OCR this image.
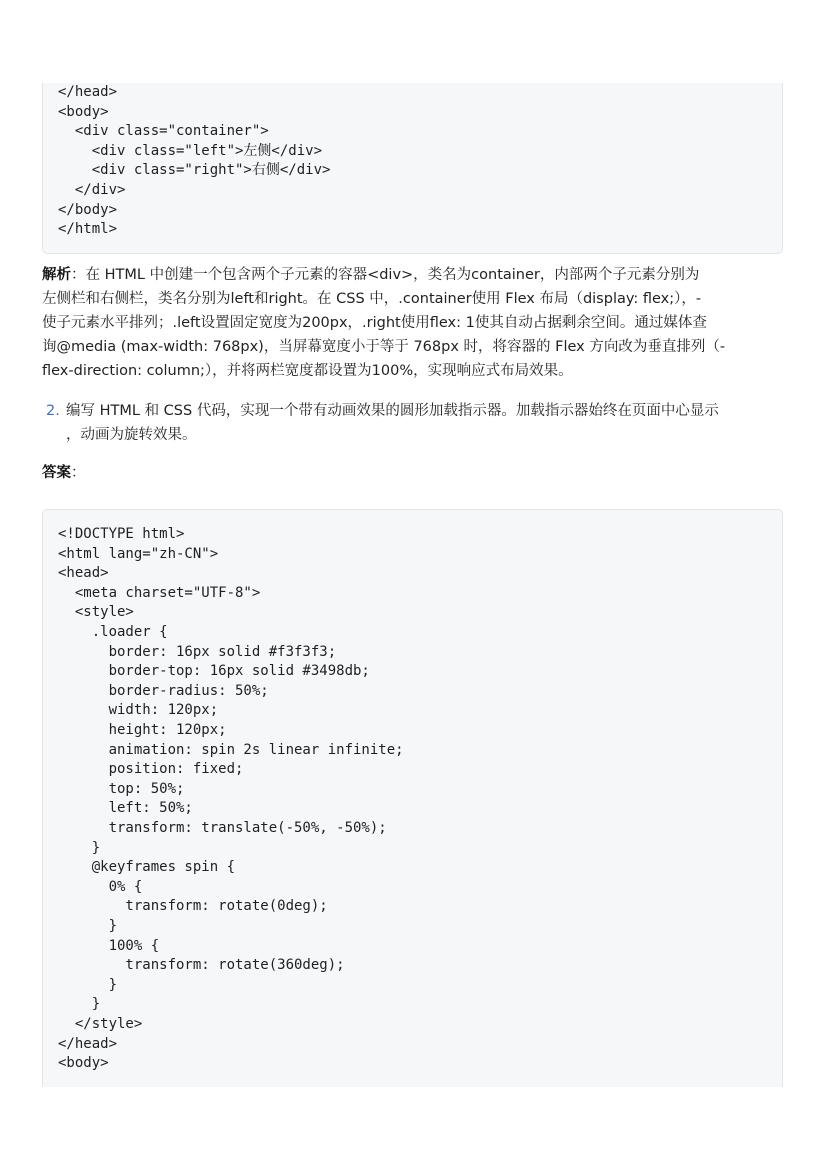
</head>
<body>
<div class="container">
<div class="left">左侧</div>
<div class="right">右侧</div>
</div>
</body>
</html>
解析：在 HTML 中创建一个包含两个子元素的容器<div>，类名为container，内部两个子元素分别为
左侧栏和右侧栏，类名分别为left和right。在 CSS 中，.container使用 Flex 布局（display: flex;），-
使子元素水平排列；.left设置固定宽度为200px，.right使用flex: 1使其自动占据剩余空间。通过媒体查
询@media (max-width: 768px)，当屏幕宽度小于等于 768px 时，将容器的 Flex 方向改为垂直排列（-
flex-direction: column;），并将两栏宽度都设置为100%，实现响应式布局效果。
2. 编写 HTML 和 CSS 代码，实现一个带有动画效果的圆形加载指示器。加载指示器始终在页面中心显示
，动画为旋转效果。
答案：
<!DOCTYPE html>
<html lang="zh-CN">
<head>
<meta charset="UTF-8">
<style>
.loader {
border: 16px solid #f3f3f3;
border-top: 16px solid #3498db;
border-radius: 50%;
width: 120px;
height: 120px;
animation: spin 2s linear infinite;
position: fixed;
top: 50%;
left: 50%;
transform: translate(-50%, -50%);
}
@keyframes spin {
0% {
transform: rotate(0deg);
}
100% {
transform: rotate(360deg);
}
}
</style>
</head>
<body>
